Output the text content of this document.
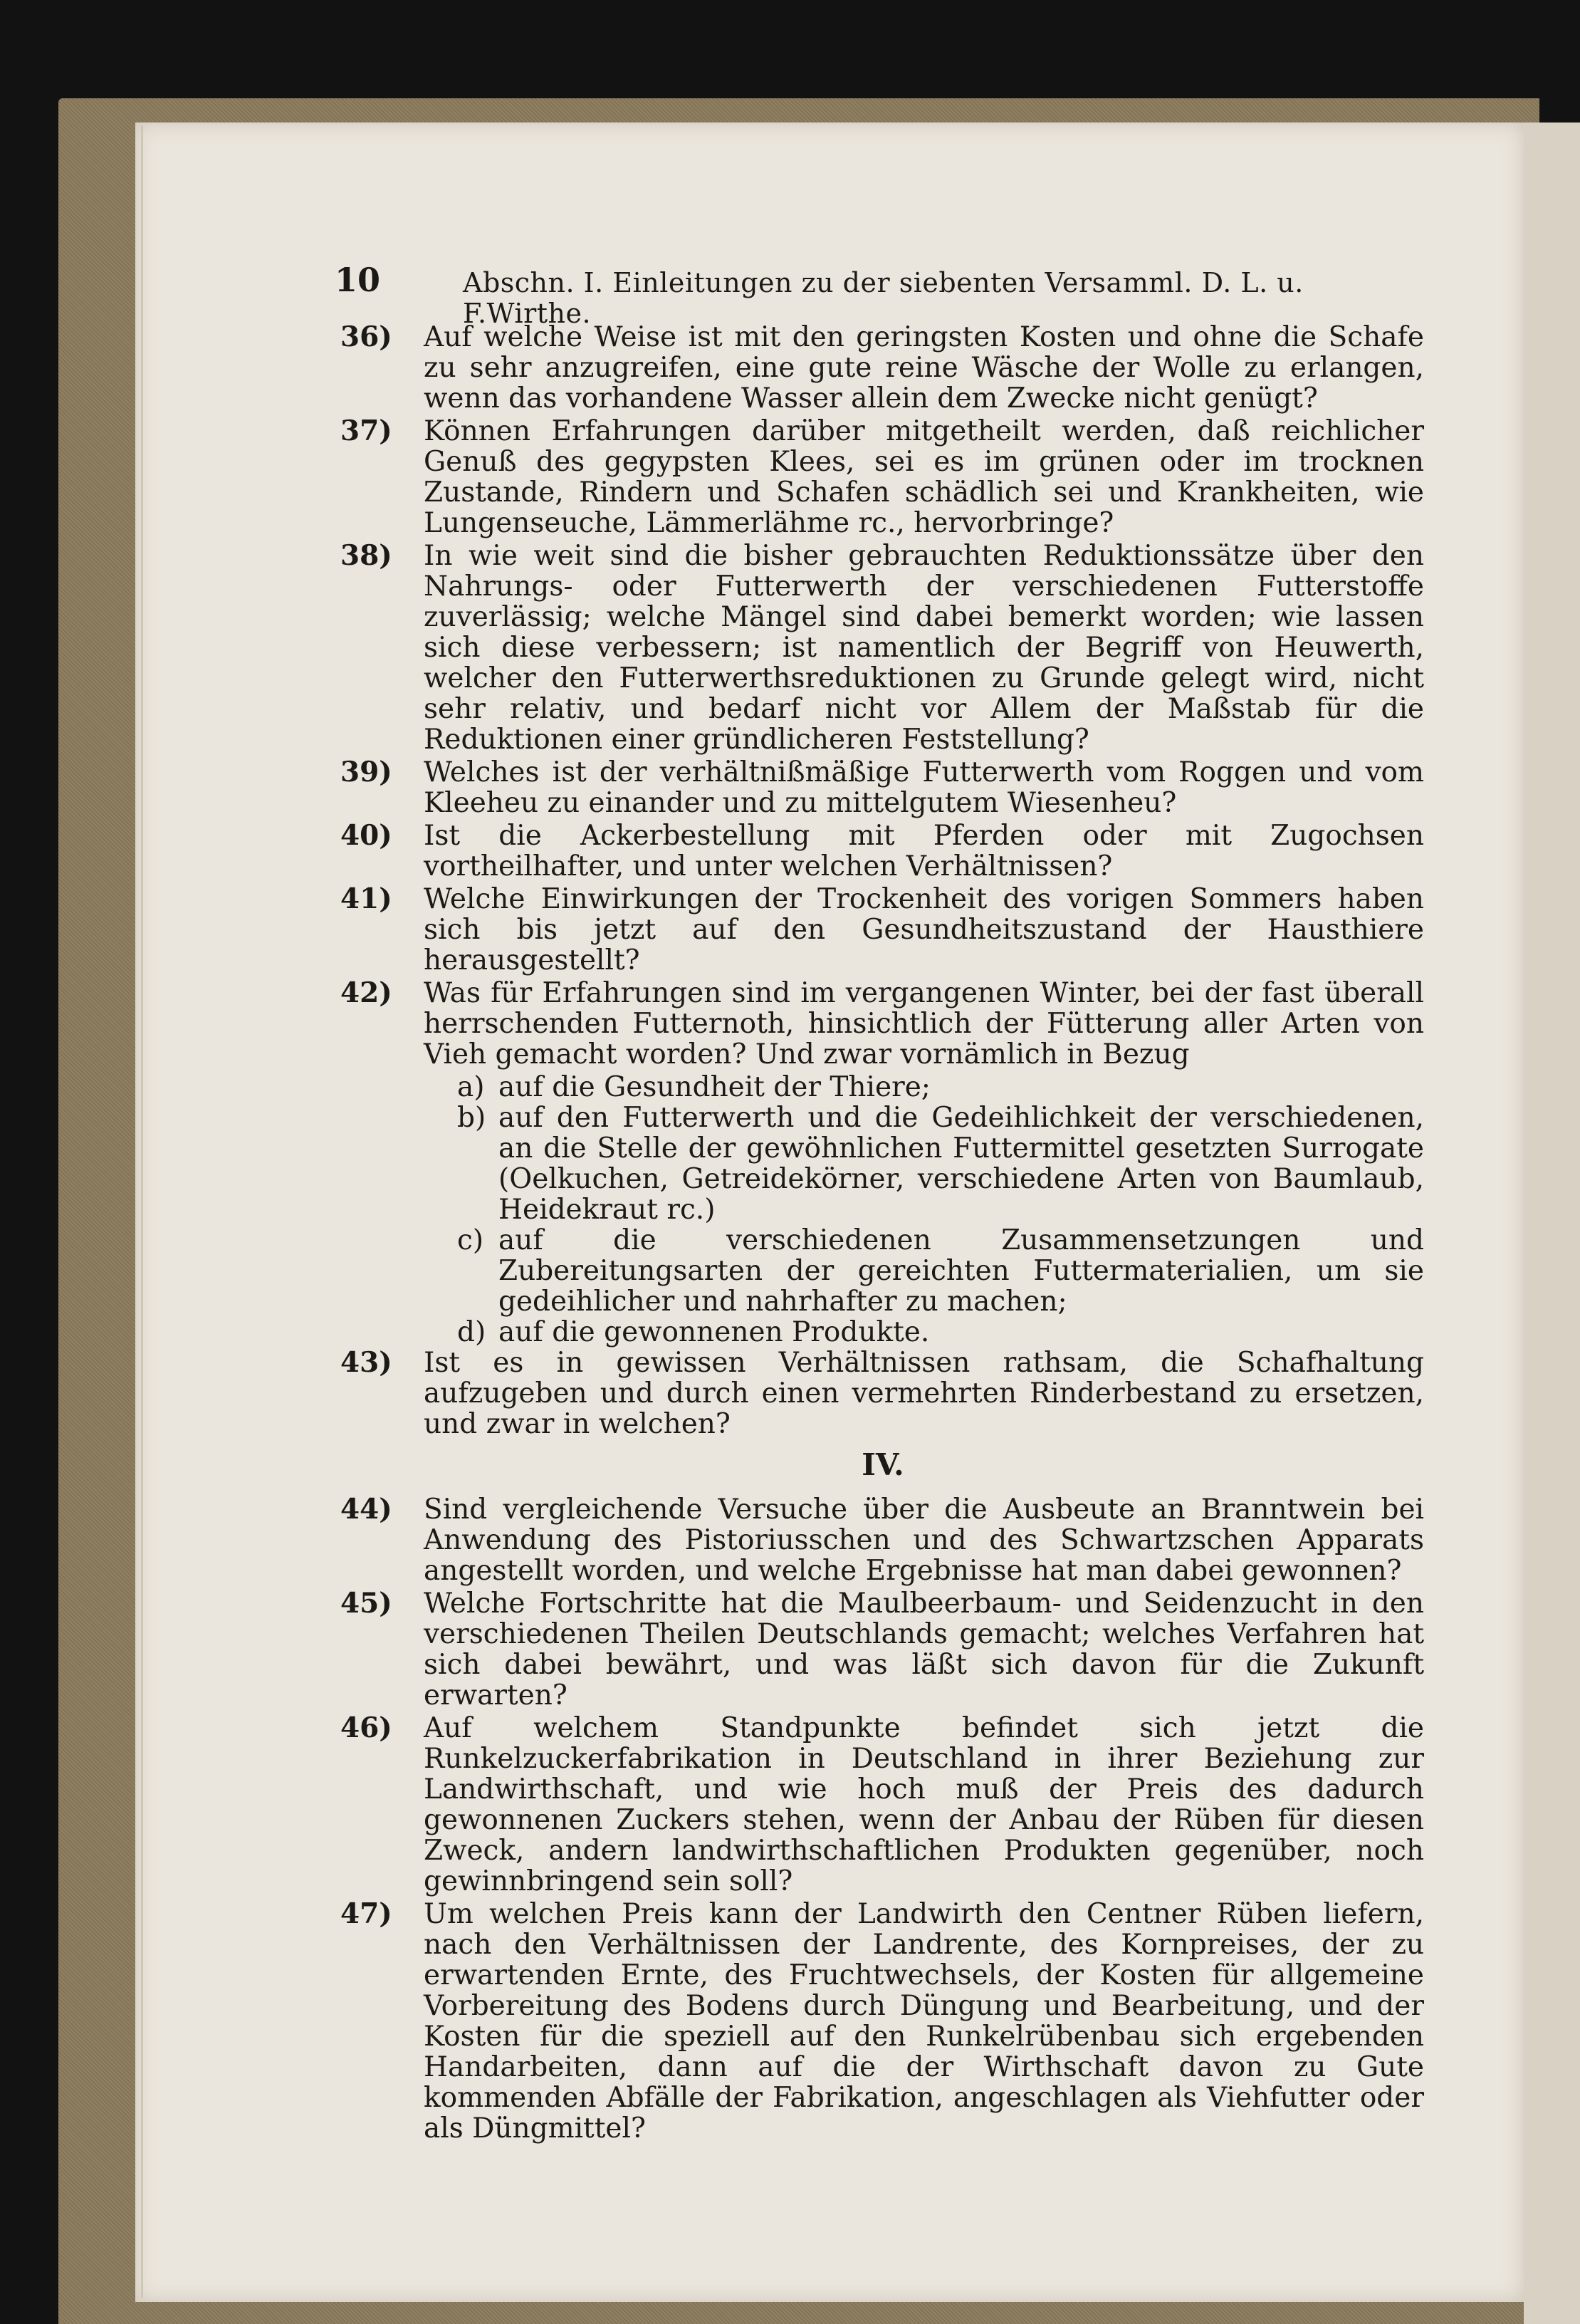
10	Abschn. I. Einleitungen zu der siebenten Versamml. D. L. u. F.Wirthe.
36)	Auf welche Weise ist mit den geringsten Kosten und ohne die Schafe zu sehr anzugreifen, eine gute reine Wäsche der Wolle zu erlangen, wenn das vorhandene Wasser allein dem Zwecke nicht genügt?
37)	Können Erfahrungen darüber mitgetheilt werden, daß reichlicher Genuß des gegypsten Klees, sei es im grünen oder im trocknen Zustande, Rindern und Schafen schädlich sei und Krankheiten, wie Lungenseuche, Lämmerlähme rc., hervorbringe?
38)	In wie weit sind die bisher gebrauchten Reduktionssätze über den Nahrungs- oder Futterwerth der verschiedenen Futterstoffe zuverlässig; welche Mängel sind dabei bemerkt worden; wie lassen sich diese verbessern; ist namentlich der Begriff von Heuwerth, welcher den Futterwerthsreduktionen zu Grunde gelegt wird, nicht sehr relativ, und bedarf nicht vor Allem der Maßstab für die Reduktionen einer gründlicheren Feststellung?
39)	Welches ist der verhältnißmäßige Futterwerth vom Roggen und vom Kleeheu zu einander und zu mittelgutem Wiesenheu?
40)	Ist die Ackerbestellung mit Pferden oder mit Zugochsen vortheilhafter, und unter welchen Verhältnissen?
41)	Welche Einwirkungen der Trockenheit des vorigen Sommers haben sich bis jetzt auf den Gesundheitszustand der Hausthiere herausgestellt?
42)	Was für Erfahrungen sind im vergangenen Winter, bei der fast überall herrschenden Futternoth, hinsichtlich der Fütterung aller Arten von Vieh gemacht worden? Und zwar vornämlich in Bezug
a) auf die Gesundheit der Thiere;
b) auf den Futterwerth und die Gedeihlichkeit der verschiedenen, an die Stelle der gewöhnlichen Futtermittel gesetzten Surrogate (Oelkuchen, Getreidekörner, verschiedene Arten von Baumlaub, Heidekraut rc.)
c) auf die verschiedenen Zusammensetzungen und Zubereitungsarten der gereichten Futtermaterialien, um sie gedeihlicher und nahrhafter zu machen;
d) auf die gewonnenen Produkte.
43)	Ist es in gewissen Verhältnissen rathsam, die Schafhaltung aufzugeben und durch einen vermehrten Rinderbestand zu ersetzen, und zwar in welchen?
IV.
44)	Sind vergleichende Versuche über die Ausbeute an Branntwein bei Anwendung des Pistoriusschen und des Schwartzschen Apparats angestellt worden, und welche Ergebnisse hat man dabei gewonnen?
45)	Welche Fortschritte hat die Maulbeerbaum- und Seidenzucht in den verschiedenen Theilen Deutschlands gemacht; welches Verfahren hat sich dabei bewährt, und was läßt sich davon für die Zukunft erwarten?
46)	Auf welchem Standpunkte befindet sich jetzt die Runkelzuckerfabrikation in Deutschland in ihrer Beziehung zur Landwirthschaft, und wie hoch muß der Preis des dadurch gewonnenen Zuckers stehen, wenn der Anbau der Rüben für diesen Zweck, andern landwirthschaftlichen Produkten gegenüber, noch gewinnbringend sein soll?
47)	Um welchen Preis kann der Landwirth den Centner Rüben liefern, nach den Verhältnissen der Landrente, des Kornpreises, der zu erwartenden Ernte, des Fruchtwechsels, der Kosten für allgemeine Vorbereitung des Bodens durch Düngung und Bearbeitung, und der Kosten für die speziell auf den Runkelrübenbau sich ergebenden Handarbeiten, dann auf die der Wirthschaft davon zu Gute kommenden Abfälle der Fabrikation, angeschlagen als Viehfutter oder als Düngmittel?
